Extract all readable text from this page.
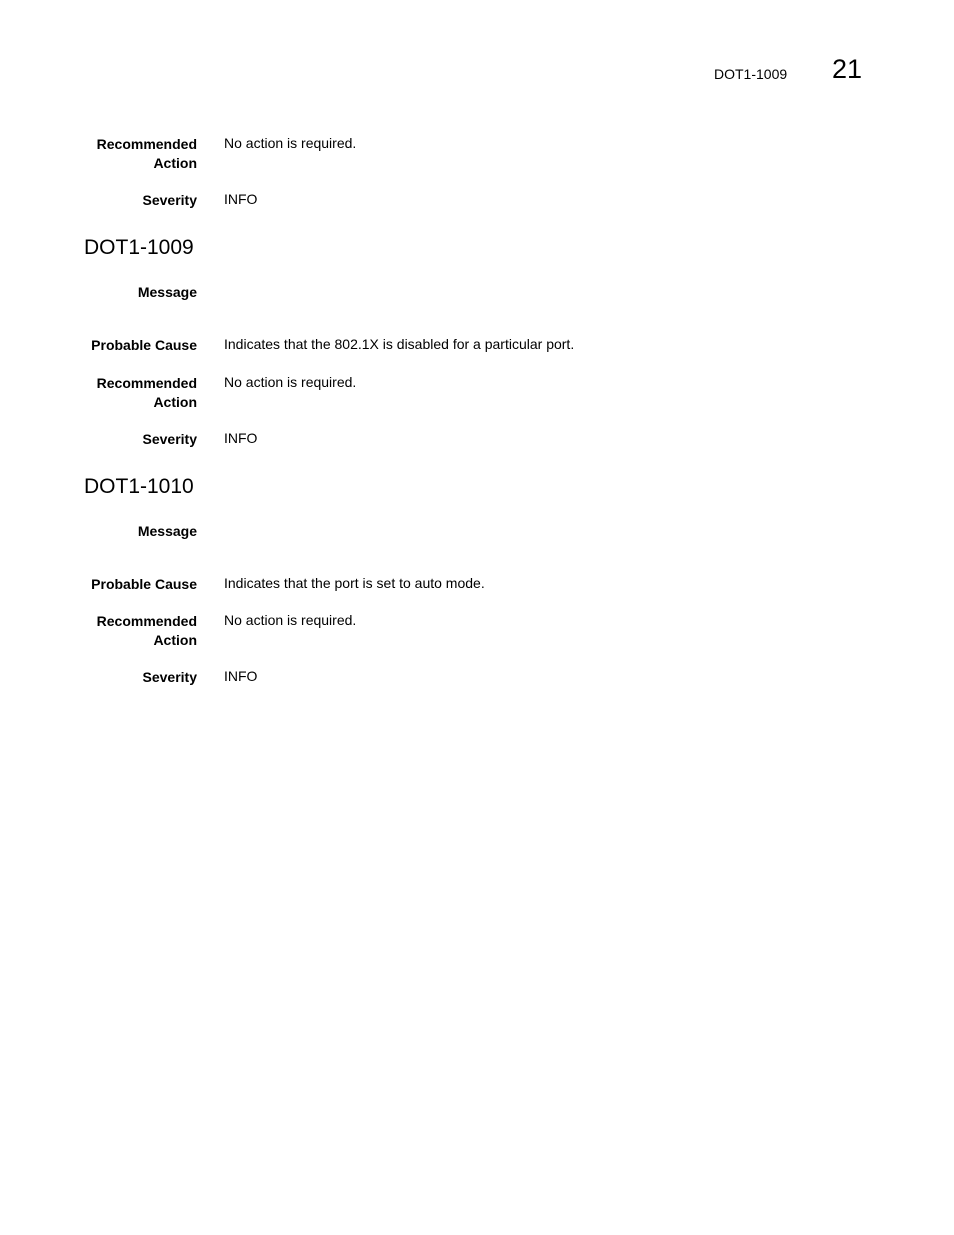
DOT1-1009 21
Recommended Action
No action is required.
Severity INFO
DOT1-1009
Message
Probable Cause Indicates that the 802.1X is disabled for a particular port.
Recommended Action
No action is required.
Severity INFO
DOT1-1010
Message
Probable Cause Indicates that the port is set to auto mode.
Recommended Action
No action is required.
Severity INFO
